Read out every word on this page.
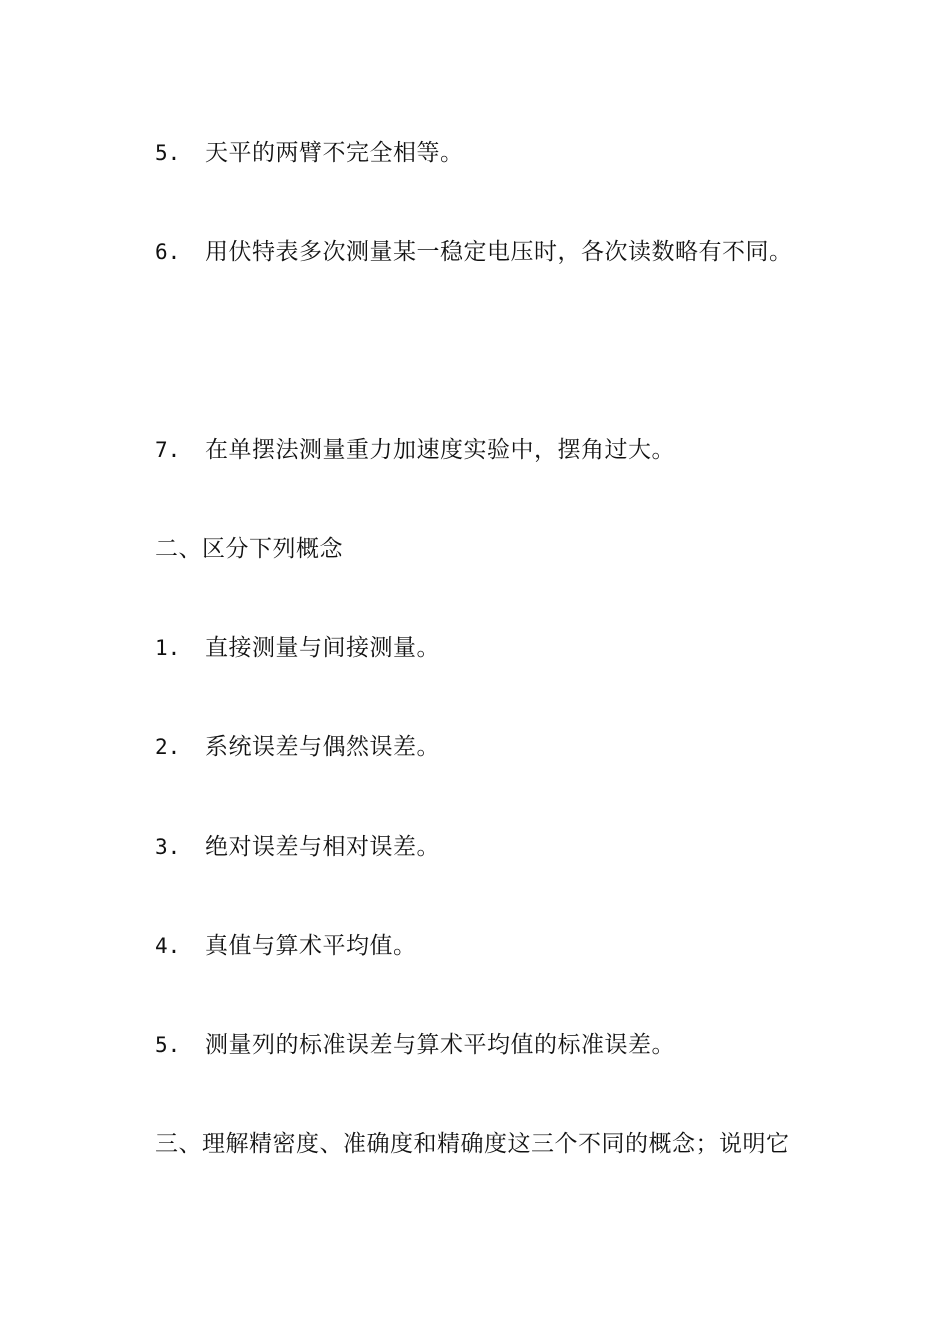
5. 天平的两臂不完全相等。
6. 用伏特表多次测量某一稳定电压时，各次读数略有不同。
7. 在单摆法测量重力加速度实验中，摆角过大。
二、区分下列概念
1. 直接测量与间接测量。
2. 系统误差与偶然误差。
3. 绝对误差与相对误差。
4. 真值与算术平均值。
5. 测量列的标准误差与算术平均值的标准误差。
三、理解精密度、准确度和精确度这三个不同的概念；说明它
